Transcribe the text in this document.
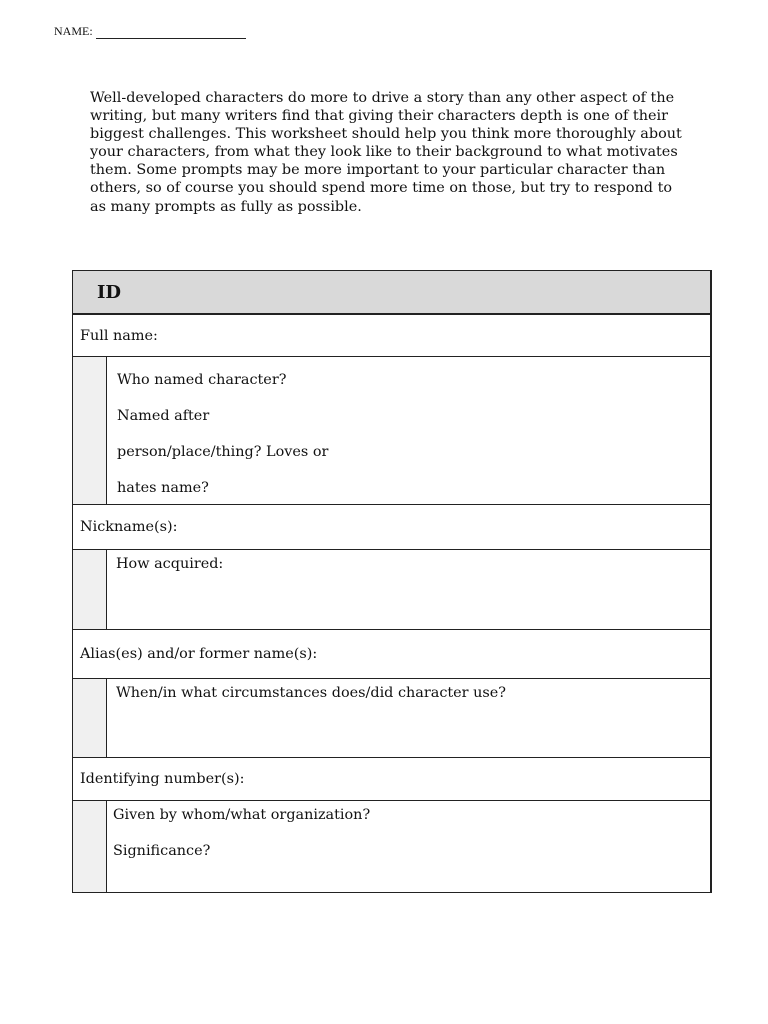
NAME:

Well-developed characters do more to drive a story than any other aspect of the writing, but many writers find that giving their characters depth is one of their biggest challenges. This worksheet should help you think more thoroughly about your characters, from what they look like to their background to what motivates them. Some prompts may be more important to your particular character than others, so of course you should spend more time on those, but try to respond to as many prompts as fully as possible.

ID
Full name:
Who named character?
Named after
person/place/thing? Loves or
hates name?
Nickname(s):
How acquired:
Alias(es) and/or former name(s):
When/in what circumstances does/did character use?
Identifying number(s):
Given by whom/what organization?
Significance?
